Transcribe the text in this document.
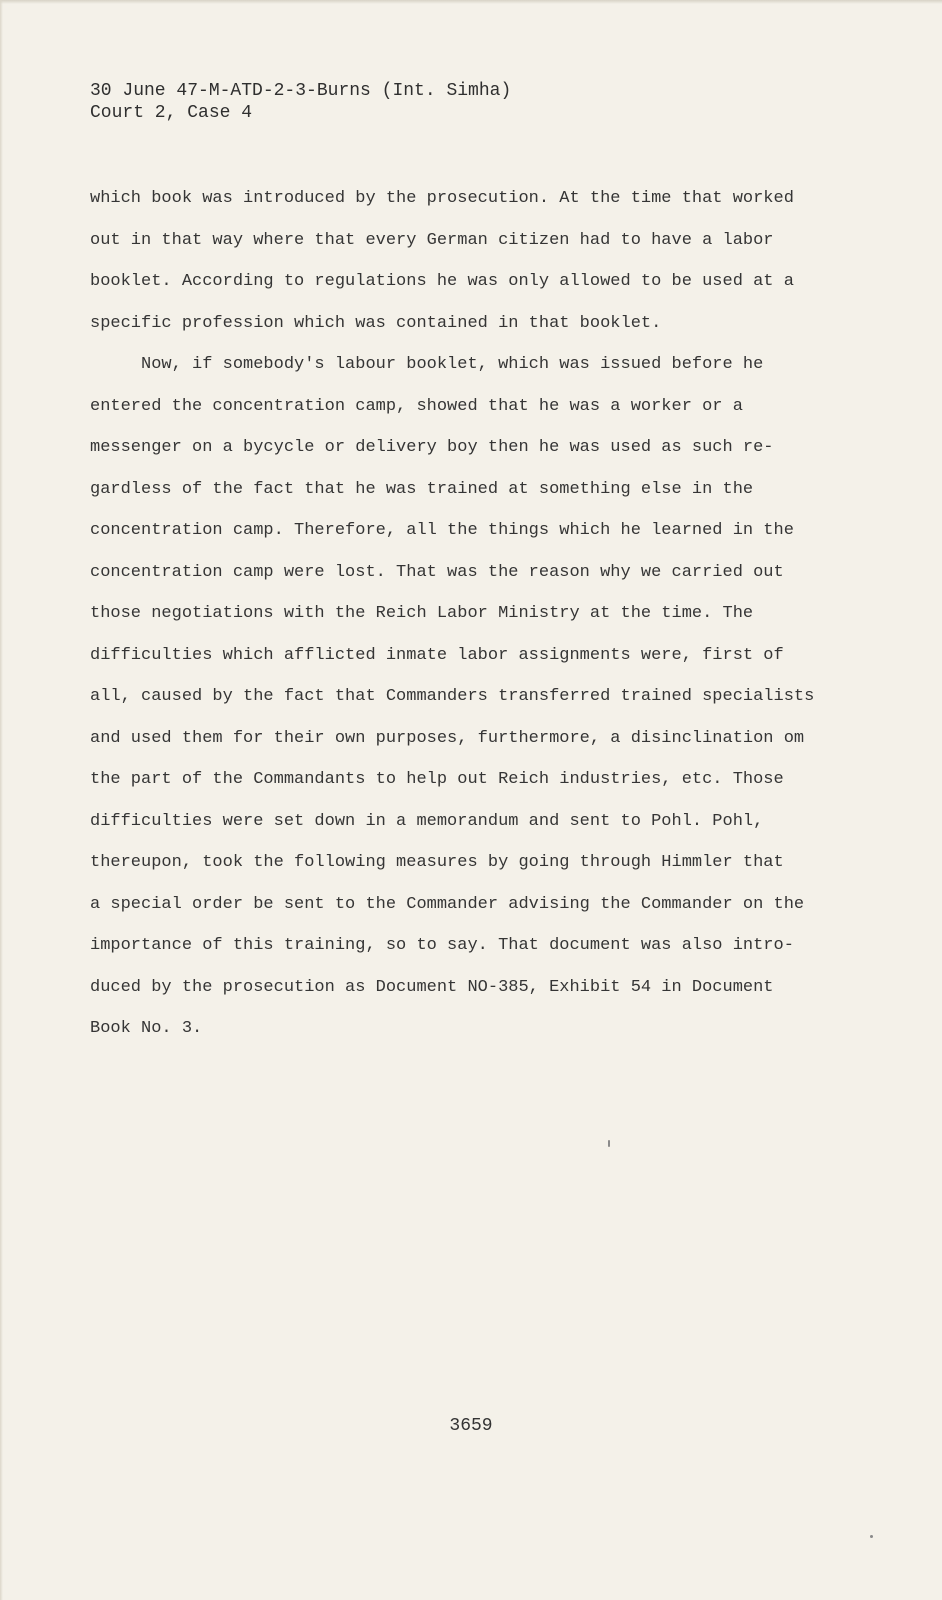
30 June 47-M-ATD-2-3-Burns (Int. Simha)
Court 2, Case 4
which book was introduced by the prosecution. At the time that worked
out in that way where that every German citizen had to have a labor
booklet. According to regulations he was only allowed to be used at a
specific profession which was contained in that booklet.
Now, if somebody's labour booklet, which was issued before he
entered the concentration camp, showed that he was a worker or a
messenger on a bycycle or delivery boy then he was used as such re-
gardless of the fact that he was trained at something else in the
concentration camp. Therefore, all the things which he learned in the
concentration camp were lost. That was the reason why we carried out
those negotiations with the Reich Labor Ministry at the time. The
difficulties which afflicted inmate labor assignments were, first of
all, caused by the fact that Commanders transferred trained specialists
and used them for their own purposes, furthermore, a disinclination om
the part of the Commandants to help out Reich industries, etc. Those
difficulties were set down in a memorandum and sent to Pohl. Pohl,
thereupon, took the following measures by going through Himmler that
a special order be sent to the Commander advising the Commander on the
importance of this training, so to say. That document was also intro-
duced by the prosecution as Document NO-385, Exhibit 54 in Document
Book No. 3.
3659
